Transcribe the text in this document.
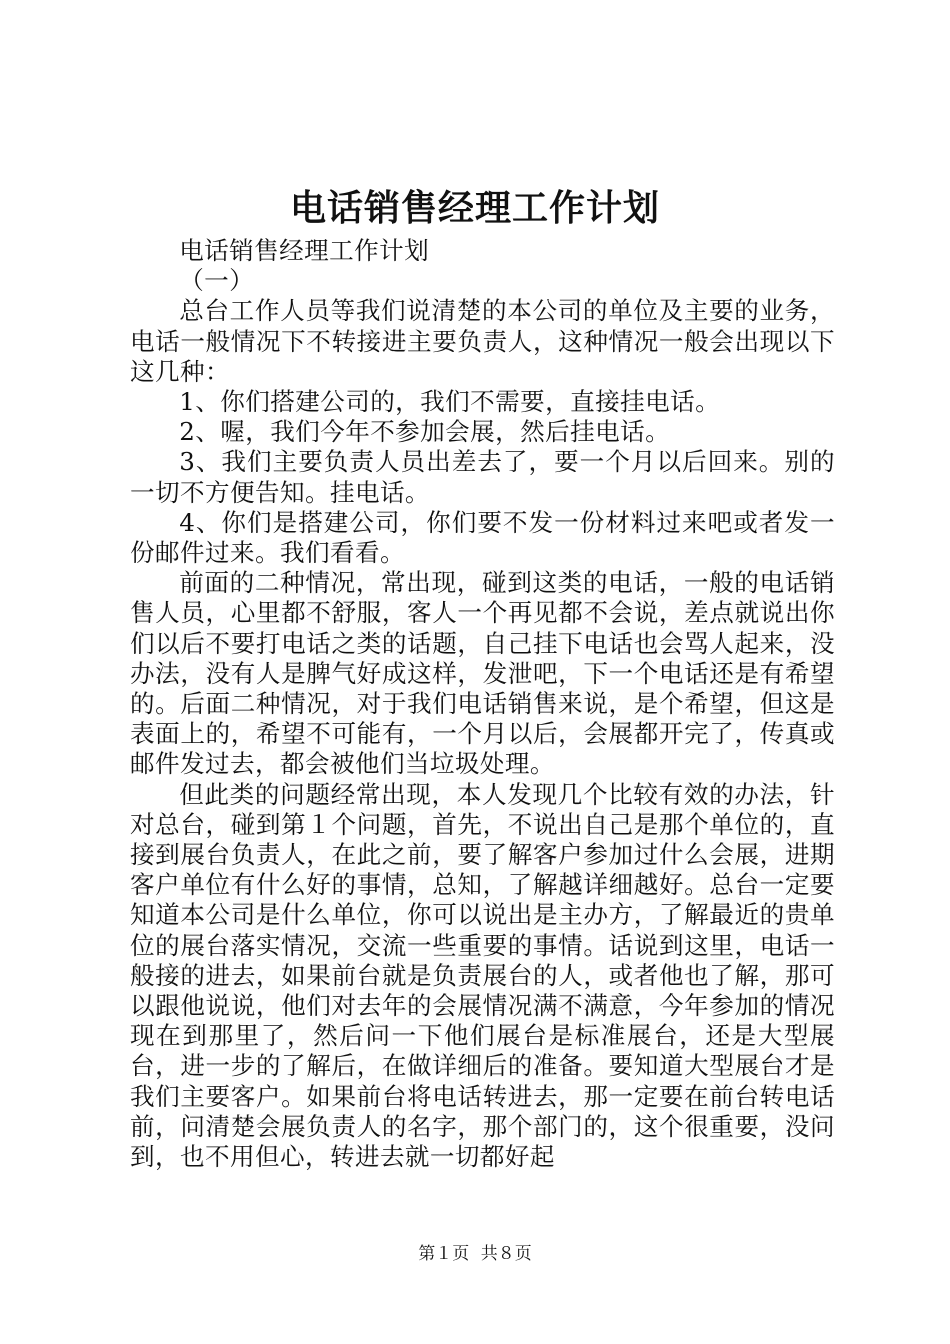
电话销售经理工作计划

电话销售经理工作计划

（一）

总台工作人员等我们说清楚的本公司的单位及主要的业务，电话一般情况下不转接进主要负责人，这种情况一般会出现以下这几种：

1、你们搭建公司的，我们不需要，直接挂电话。

2、喔，我们今年不参加会展，然后挂电话。

3、我们主要负责人员出差去了，要一个月以后回来。别的一切不方便告知。挂电话。

4、你们是搭建公司，你们要不发一份材料过来吧或者发一份邮件过来。我们看看。

前面的二种情况，常出现，碰到这类的电话，一般的电话销售人员，心里都不舒服，客人一个再见都不会说，差点就说出你们以后不要打电话之类的话题，自己挂下电话也会骂人起来，没办法，没有人是脾气好成这样，发泄吧，下一个电话还是有希望的。后面二种情况，对于我们电话销售来说，是个希望，但这是表面上的，希望不可能有，一个月以后，会展都开完了，传真或邮件发过去，都会被他们当垃圾处理。

但此类的问题经常出现，本人发现几个比较有效的办法，针对总台，碰到第１个问题，首先，不说出自己是那个单位的，直接到展台负责人，在此之前，要了解客户参加过什么会展，进期客户单位有什么好的事情，总知，了解越详细越好。总台一定要知道本公司是什么单位，你可以说出是主办方，了解最近的贵单位的展台落实情况，交流一些重要的事情。话说到这里，电话一般接的进去，如果前台就是负责展台的人，或者他也了解，那可以跟他说说，他们对去年的会展情况满不满意，今年参加的情况现在到那里了，然后问一下他们展台是标准展台，还是大型展台，进一步的了解后，在做详细后的准备。要知道大型展台才是我们主要客户。如果前台将电话转进去，那一定要在前台转电话前，问清楚会展负责人的名字，那个部门的，这个很重要，没问到，也不用但心，转进去就一切都好起

第１页 共８页
